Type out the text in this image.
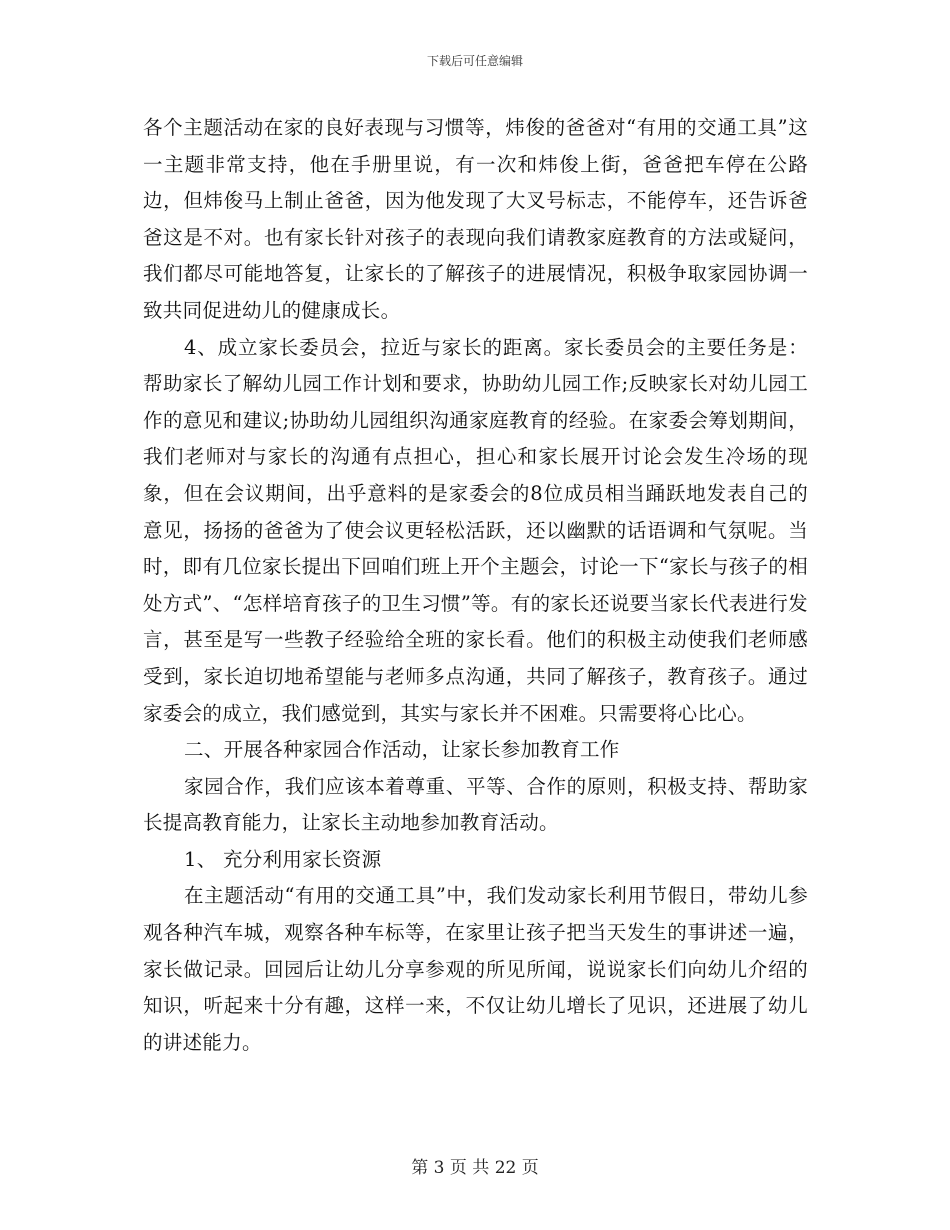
下载后可任意编辑

各个主题活动在家的良好表现与习惯等，炜俊的爸爸对“有用的交通工具”这一主题非常支持，他在手册里说，有一次和炜俊上街，爸爸把车停在公路边，但炜俊马上制止爸爸，因为他发现了大叉号标志，不能停车，还告诉爸爸这是不对。也有家长针对孩子的表现向我们请教家庭教育的方法或疑问，我们都尽可能地答复，让家长的了解孩子的进展情况，积极争取家园协调一致共同促进幼儿的健康成长。

4、成立家长委员会，拉近与家长的距离。家长委员会的主要任务是：帮助家长了解幼儿园工作计划和要求，协助幼儿园工作;反映家长对幼儿园工作的意见和建议;协助幼儿园组织沟通家庭教育的经验。在家委会筹划期间，我们老师对与家长的沟通有点担心，担心和家长展开讨论会发生冷场的现象，但在会议期间，出乎意料的是家委会的8位成员相当踊跃地发表自己的意见，扬扬的爸爸为了使会议更轻松活跃，还以幽默的话语调和气氛呢。当时，即有几位家长提出下回咱们班上开个主题会，讨论一下“家长与孩子的相处方式”、“怎样培育孩子的卫生习惯”等。有的家长还说要当家长代表进行发言，甚至是写一些教子经验给全班的家长看。他们的积极主动使我们老师感受到，家长迫切地希望能与老师多点沟通，共同了解孩子，教育孩子。通过家委会的成立，我们感觉到，其实与家长并不困难。只需要将心比心。

二、开展各种家园合作活动，让家长参加教育工作

家园合作，我们应该本着尊重、平等、合作的原则，积极支持、帮助家长提高教育能力，让家长主动地参加教育活动。

1、 充分利用家长资源

在主题活动“有用的交通工具”中，我们发动家长利用节假日，带幼儿参观各种汽车城，观察各种车标等，在家里让孩子把当天发生的事讲述一遍，家长做记录。回园后让幼儿分享参观的所见所闻，说说家长们向幼儿介绍的知识，听起来十分有趣，这样一来，不仅让幼儿增长了见识，还进展了幼儿的讲述能力。

第 3 页 共 22 页
